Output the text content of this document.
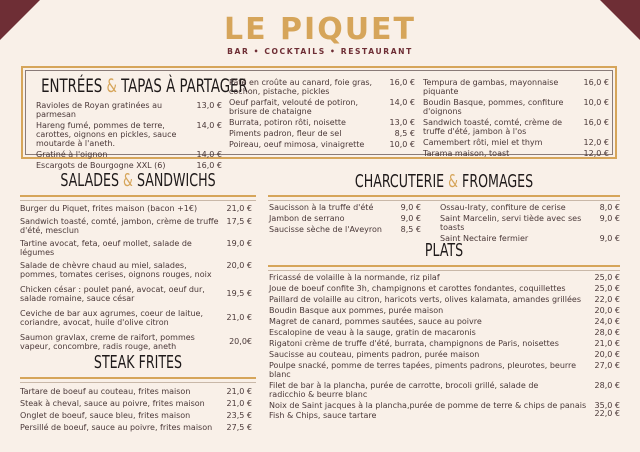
LE PIQUET
BAR • COCKTAILS • RESTAURANT
ENTRÉES & TAPAS À PARTAGER
Ravioles de Royan gratinées au parmesan
13,0 €
Hareng fumé, pommes de terre, carottes, oignons en pickles, sauce moutarde à l'aneth.
14,0 €
Gratiné à l'oignon	14,0 €
Escargots de Bourgogne XXL (6)	16,0 €
Pâté en croûte au canard, foie gras, cochon, pistache, pickles
16,0 €
Oeuf parfait, velouté de potiron, brisure de chataigne
14,0 €
Burrata, potiron rôti, noisette	13,0 €
Piments padron, fleur de sel	8,5 €
Poireau, oeuf mimosa, vinaigrette	10,0 €
Tempura de gambas, mayonnaise piquante
16,0 €
Boudin Basque, pommes, confiture d'oignons
10,0 €
Sandwich toasté, comté, crème de truffe d'été, jambon à l'os
16,0 €
Camembert rôti, miel et thym	12,0 €
Tarama maison, toast	12,0 €
SALADES & SANDWICHS
Burger du Piquet, frites maison (bacon +1€)	21,0 €
Sandwich toasté, comté, jambon, crème de truffe d'été, mesclun
17,5 €
Tartine avocat, feta, oeuf mollet, salade de légumes
19,0 €
Salade de chèvre chaud au miel, salades, pommes, tomates cerises, oignons rouges, noix
20,0 €
Chicken césar : poulet pané, avocat, oeuf dur, salade romaine, sauce césar
19,5 €
Ceviche de bar aux agrumes, coeur de laitue, coriandre, avocat, huile d'olive citron
21,0 €
Saumon gravlax, creme de raifort, pommes vapeur, concombre, radis rouge, aneth
20,0€
STEAK FRITES
Tartare de boeuf au couteau, frites maison	21,0 €
Steak à cheval, sauce au poivre, frites maison	21,0 €
Onglet de boeuf, sauce bleu, frites maison	23,5 €
Persillé de boeuf, sauce au poivre, frites maison	27,5 €
CHARCUTERIE & FROMAGES
Saucisson à la truffe d'été	9,0 €
Jambon de serrano	9,0 €
Saucisse sèche de l'Aveyron	8,5 €
Ossau-Iraty, confiture de cerise	8,0 €
Saint Marcelin, servi tiède avec ses toasts
9,0 €
Saint Nectaire fermier	9,0 €
PLATS
Fricassé de volaille à la normande, riz pilaf	25,0 €
Joue de boeuf confite 3h, champignons et carottes fondantes, coquillettes	25,0 €
Paillard de volaille au citron, haricots verts, olives kalamata, amandes grillées	22,0 €
Boudin Basque aux pommes, purée maison	20,0 €
Magret de canard, pommes sautées, sauce au poivre	24,0 €
Escalopine de veau à la sauge, gratin de macaronis	28,0 €
Rigatoni crème de truffe d'été, burrata, champignons de Paris, noisettes	21,0 €
Saucisse au couteau, piments padron, purée maison	20,0 €
Poulpe snacké, pomme de terres tapées, piments padrons, pleurotes, beurre blanc
27,0 €
Filet de bar à la plancha, purée de carrotte, brocoli grillé, salade de radicchio & beurre blanc
28,0 €
Noix de Saint jacques à la plancha,purée de pomme de terre & chips de panais	35,0 €
Fish & Chips, sauce tartare	22,0 €
